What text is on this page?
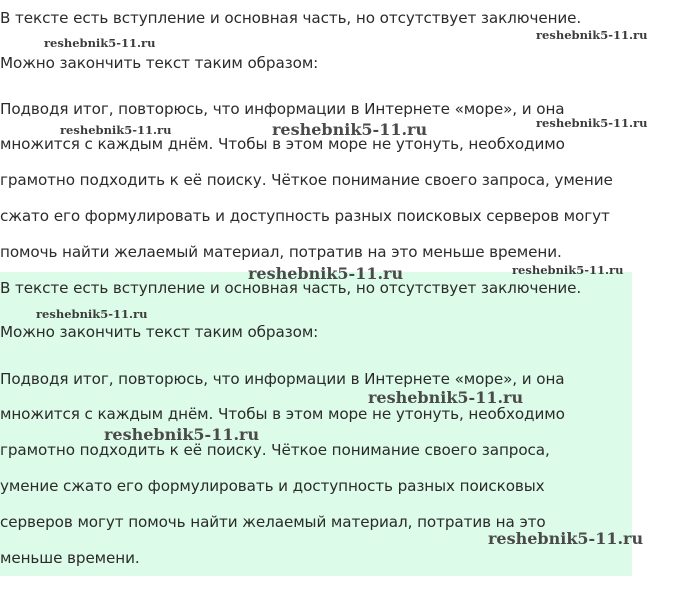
В тексте есть вступление и основная часть, но отсутствует заключение.

Можно закончить текст таким образом:

Подводя итог, повторюсь, что информации в Интернете «море», и она

множится с каждым днём. Чтобы в этом море не утонуть, необходимо

грамотно подходить к её поиску. Чёткое понимание своего запроса, умение

сжато его формулировать и доступность разных поисковых серверов могут

помочь найти желаемый материал, потратив на это меньше времени.

В тексте есть вступление и основная часть, но отсутствует заключение.

Можно закончить текст таким образом:

Подводя итог, повторюсь, что информации в Интернете «море», и она

множится с каждым днём. Чтобы в этом море не утонуть, необходимо

грамотно подходить к её поиску. Чёткое понимание своего запроса,

умение сжато его формулировать и доступность разных поисковых

серверов могут помочь найти желаемый материал, потратив на это

меньше времени.

reshebnik5-11.ru
reshebnik5-11.ru
reshebnik5-11.ru	reshebnik5-11.ru	reshebnik5-11.ru
reshebnik5-11.ru	reshebnik5-11.ru
reshebnik5-11.ru
reshebnik5-11.ru
reshebnik5-11.ru
reshebnik5-11.ru
